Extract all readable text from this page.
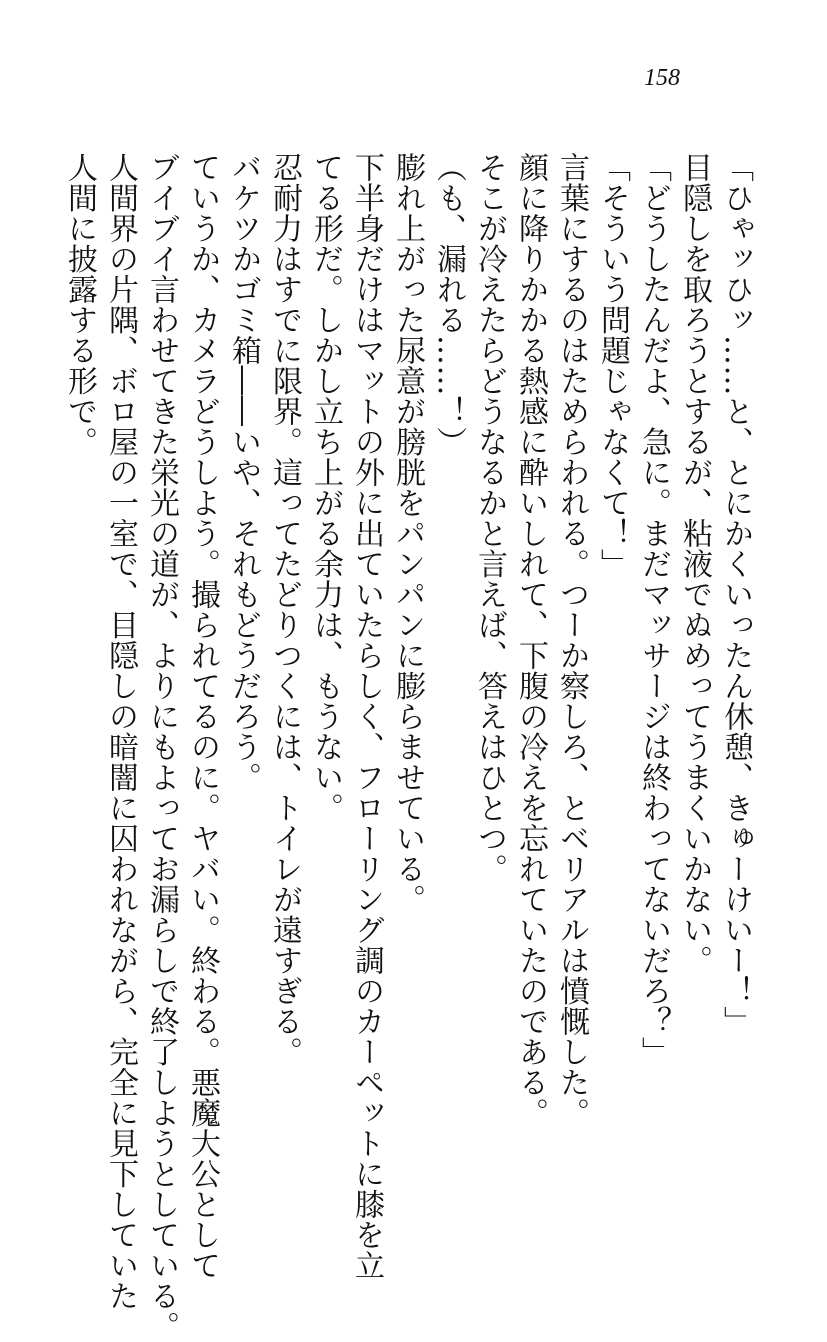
158
「ひゃッひッ……と、とにかくいったん休憩、きゅーけいー！」
目隠しを取ろうとするが、粘液でぬめってうまくいかない。
「どうしたんだよ、急に。まだマッサージは終わってないだろ？」
「そういう問題じゃなくて！」
言葉にするのはためらわれる。つーか察しろ、とベリアルは憤慨した。
顔に降りかかる熱感に酔いしれて、下腹の冷えを忘れていたのである。
そこが冷えたらどうなるかと言えば、答えはひとつ。
（も、漏れる……！）
膨れ上がった尿意が膀胱をパンパンに膨らませている。
下半身だけはマットの外に出ていたらしく、フローリング調のカーペットに膝を立
てる形だ。しかし立ち上がる余力は、もうない。
忍耐力はすでに限界。這ってたどりつくには、トイレが遠すぎる。
バケツかゴミ箱――いや、それもどうだろう。
ていうか、カメラどうしよう。撮られてるのに。ヤバい。終わる。悪魔大公として
ブイブイ言わせてきた栄光の道が、よりにもよってお漏らしで終了しようとしている。
人間界の片隅、ボロ屋の一室で、目隠しの暗闇に囚われながら、完全に見下していた
人間に披露する形で。
